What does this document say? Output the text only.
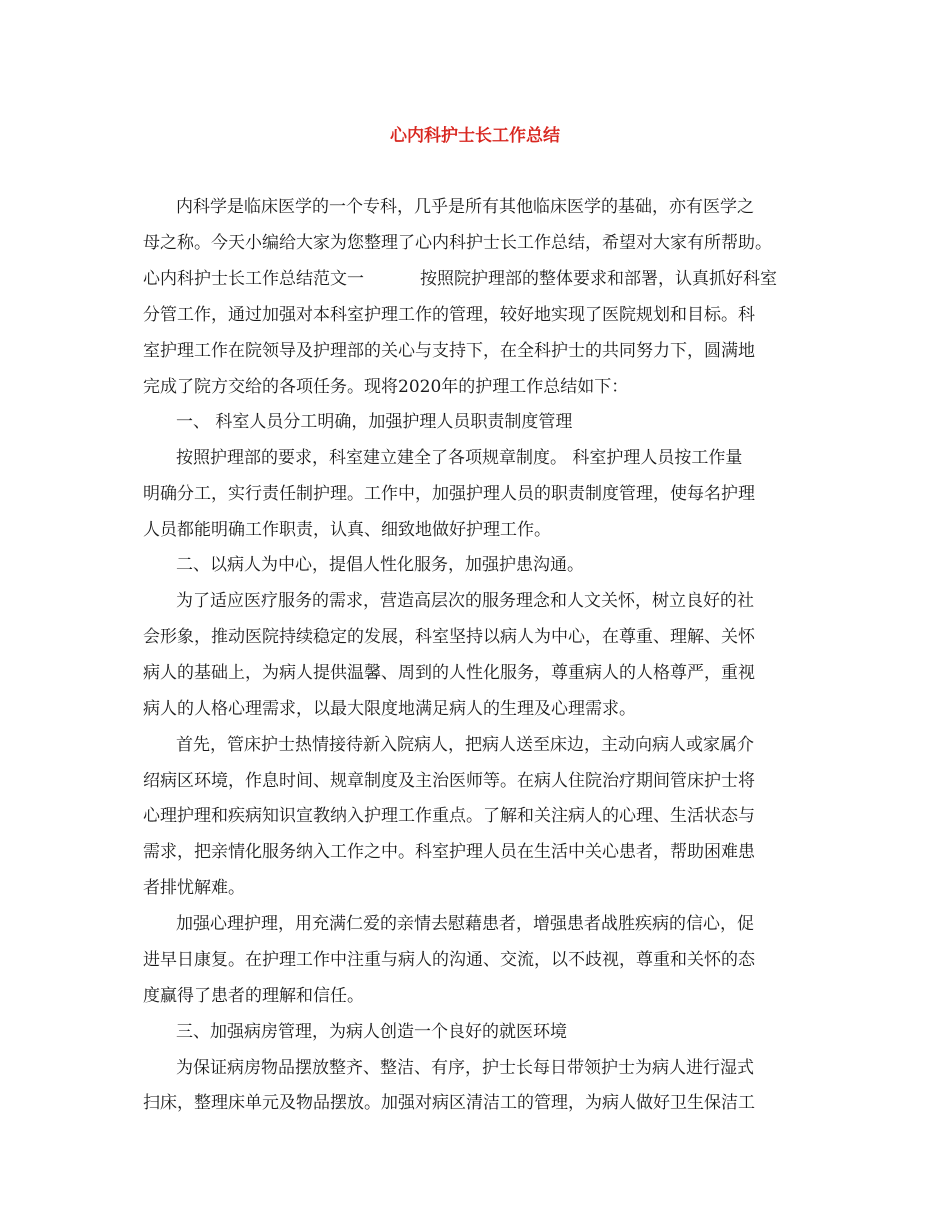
心内科护士长工作总结

内科学是临床医学的一个专科，几乎是所有其他临床医学的基础，亦有医学之

母之称。今天小编给大家为您整理了心内科护士长工作总结，希望对大家有所帮助。

心内科护士长工作总结范文一	按照院护理部的整体要求和部署，认真抓好科室

分管工作，通过加强对本科室护理工作的管理，较好地实现了医院规划和目标。科

室护理工作在院领导及护理部的关心与支持下，在全科护士的共同努力下，圆满地

完成了院方交给的各项任务。现将2020年的护理工作总结如下：

一、 科室人员分工明确，加强护理人员职责制度管理

按照护理部的要求，科室建立建全了各项规章制度。 科室护理人员按工作量

明确分工，实行责任制护理。工作中，加强护理人员的职责制度管理，使每名护理

人员都能明确工作职责，认真、细致地做好护理工作。

二、以病人为中心，提倡人性化服务，加强护患沟通。

为了适应医疗服务的需求，营造高层次的服务理念和人文关怀，树立良好的社

会形象，推动医院持续稳定的发展，科室坚持以病人为中心，在尊重、理解、关怀

病人的基础上，为病人提供温馨、周到的人性化服务，尊重病人的人格尊严，重视

病人的人格心理需求，以最大限度地满足病人的生理及心理需求。

首先，管床护士热情接待新入院病人，把病人送至床边，主动向病人或家属介

绍病区环境，作息时间、规章制度及主治医师等。在病人住院治疗期间管床护士将

心理护理和疾病知识宣教纳入护理工作重点。了解和关注病人的心理、生活状态与

需求，把亲情化服务纳入工作之中。科室护理人员在生活中关心患者，帮助困难患

者排忧解难。

加强心理护理，用充满仁爱的亲情去慰藉患者，增强患者战胜疾病的信心，促

进早日康复。在护理工作中注重与病人的沟通、交流，以不歧视，尊重和关怀的态

度赢得了患者的理解和信任。

三、加强病房管理，为病人创造一个良好的就医环境

为保证病房物品摆放整齐、整洁、有序，护士长每日带领护士为病人进行湿式

扫床，整理床单元及物品摆放。加强对病区清洁工的管理，为病人做好卫生保洁工
